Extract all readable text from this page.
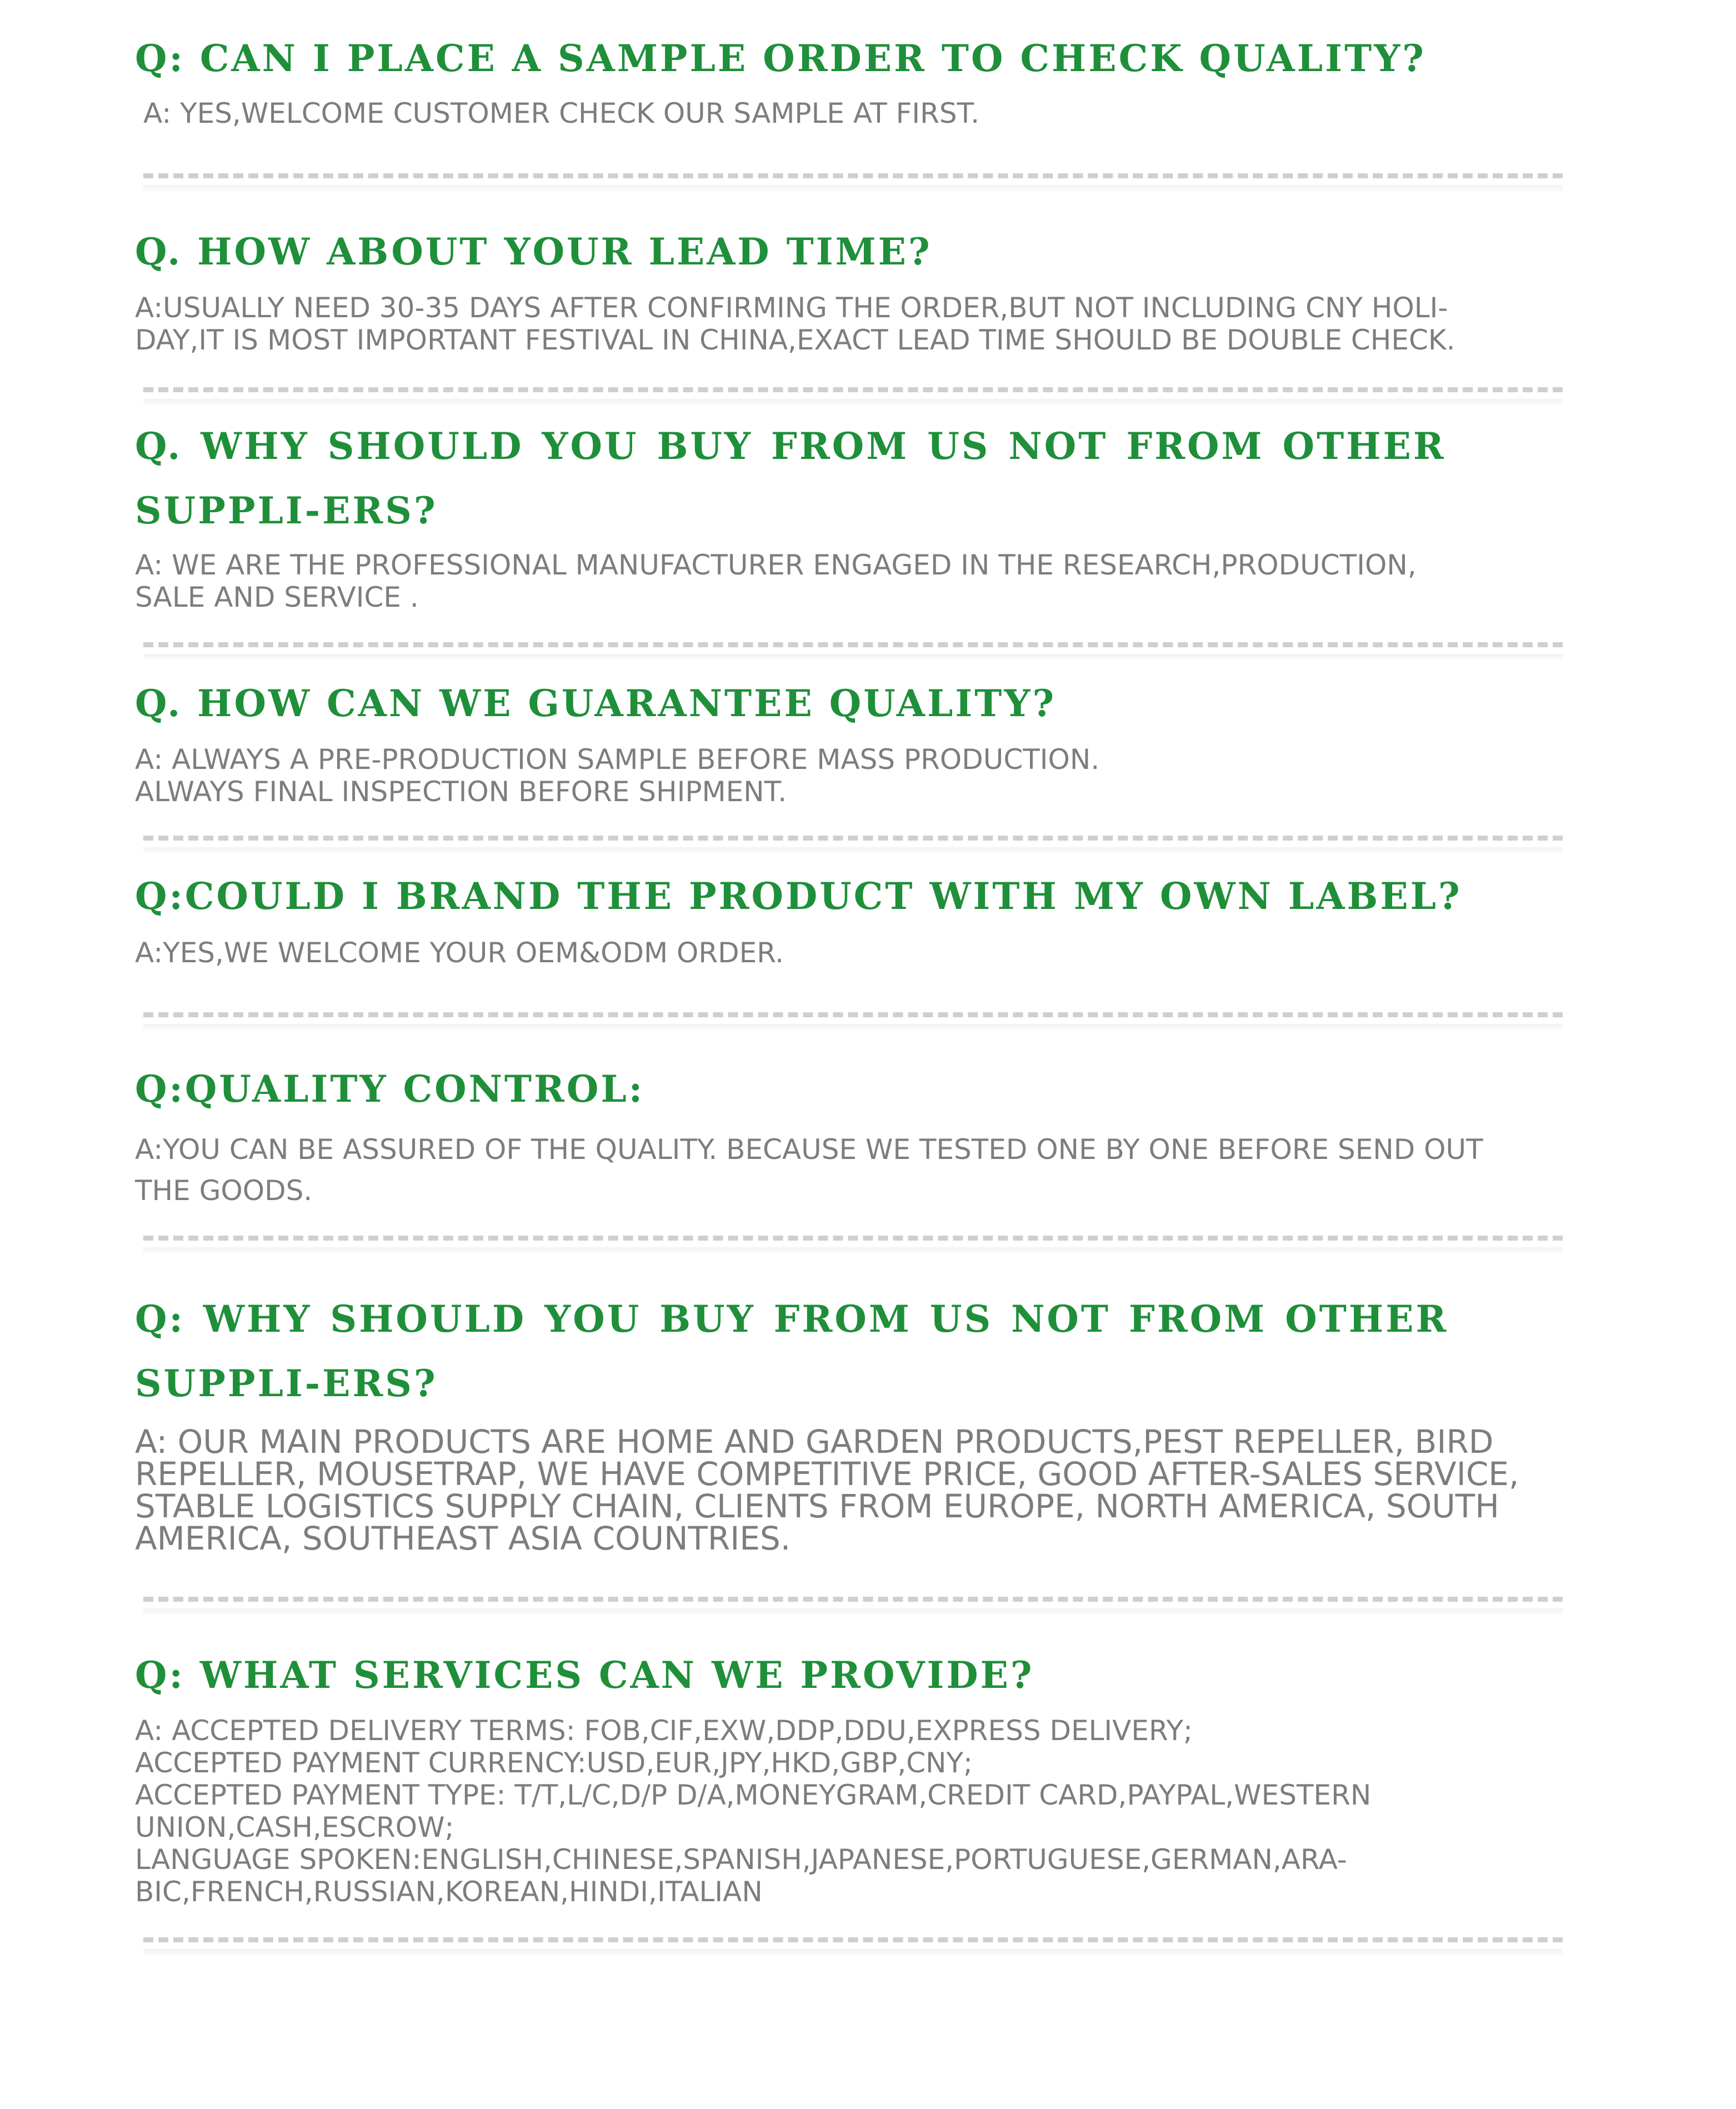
Q: CAN I PLACE A SAMPLE ORDER TO CHECK QUALITY?

A: YES,WELCOME CUSTOMER CHECK OUR SAMPLE AT FIRST.

Q. HOW ABOUT YOUR LEAD TIME?

A:USUALLY NEED 30-35 DAYS AFTER CONFIRMING THE ORDER,BUT NOT INCLUDING CNY HOLI-
DAY,IT IS MOST IMPORTANT FESTIVAL IN CHINA,EXACT LEAD TIME SHOULD BE DOUBLE CHECK.

Q. WHY SHOULD YOU BUY FROM US NOT FROM OTHER SUPPLI-ERS?

A: WE ARE THE PROFESSIONAL MANUFACTURER ENGAGED IN THE RESEARCH,PRODUCTION,
SALE AND SERVICE .

Q. HOW CAN WE GUARANTEE QUALITY?

A: ALWAYS A PRE-PRODUCTION SAMPLE BEFORE MASS PRODUCTION.
ALWAYS FINAL INSPECTION BEFORE SHIPMENT.

Q:COULD I BRAND THE PRODUCT WITH MY OWN LABEL?

A:YES,WE WELCOME YOUR OEM&ODM ORDER.

Q:QUALITY CONTROL:

A:YOU CAN BE ASSURED OF THE QUALITY. BECAUSE WE TESTED ONE BY ONE BEFORE SEND OUT
THE GOODS.

Q: WHY SHOULD YOU BUY FROM US NOT FROM OTHER SUPPLI-ERS?

A: OUR MAIN PRODUCTS ARE HOME AND GARDEN PRODUCTS,PEST REPELLER, BIRD
REPELLER, MOUSETRAP, WE HAVE COMPETITIVE PRICE, GOOD AFTER-SALES SERVICE,
STABLE LOGISTICS SUPPLY CHAIN, CLIENTS FROM EUROPE, NORTH AMERICA, SOUTH
AMERICA, SOUTHEAST ASIA COUNTRIES.

Q: WHAT SERVICES CAN WE PROVIDE?

A: ACCEPTED DELIVERY TERMS: FOB,CIF,EXW,DDP,DDU,EXPRESS DELIVERY;
ACCEPTED PAYMENT CURRENCY:USD,EUR,JPY,HKD,GBP,CNY;
ACCEPTED PAYMENT TYPE: T/T,L/C,D/P D/A,MONEYGRAM,CREDIT CARD,PAYPAL,WESTERN
UNION,CASH,ESCROW;
LANGUAGE SPOKEN:ENGLISH,CHINESE,SPANISH,JAPANESE,PORTUGUESE,GERMAN,ARA-
BIC,FRENCH,RUSSIAN,KOREAN,HINDI,ITALIAN
